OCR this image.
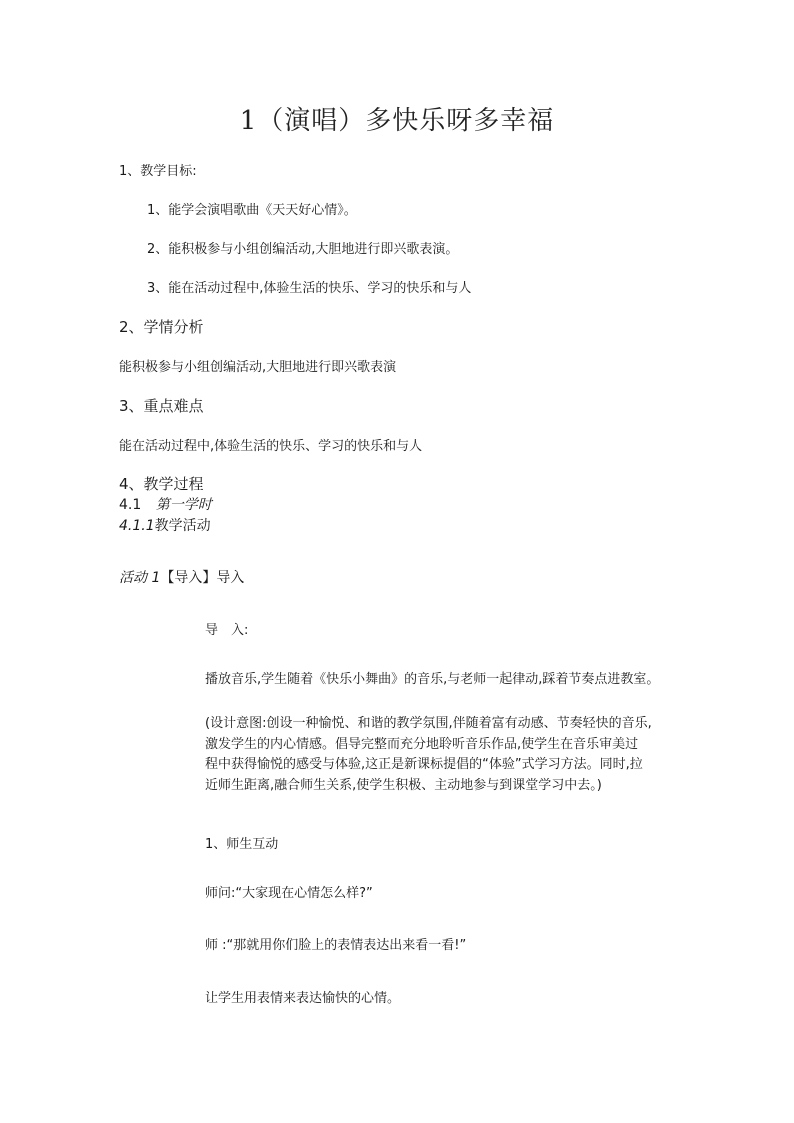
1（演唱）多快乐呀多幸福
1、教学目标:
1、能学会演唱歌曲《天天好心情》。
2、能积极参与小组创编活动,大胆地进行即兴歌表演。
3、能在活动过程中,体验生活的快乐、学习的快乐和与人
2、学情分析
能积极参与小组创编活动,大胆地进行即兴歌表演
3、重点难点
能在活动过程中,体验生活的快乐、学习的快乐和与人
4、教学过程
4.1 第一学时
4.1.1教学活动
活动 1【导入】导入
导　入:
播放音乐,学生随着《快乐小舞曲》的音乐,与老师一起律动,踩着节奏点进教室。
(设计意图:创设一种愉悦、和谐的教学氛围,伴随着富有动感、节奏轻快的音乐,
激发学生的内心情感。倡导完整而充分地聆听音乐作品,使学生在音乐审美过
程中获得愉悦的感受与体验,这正是新课标提倡的“体验”式学习方法。同时,拉
近师生距离,融合师生关系,使学生积极、主动地参与到课堂学习中去。)
1、师生互动
师问:“大家现在心情怎么样?”
师 :“那就用你们脸上的表情表达出来看一看!”
让学生用表情来表达愉快的心情。
